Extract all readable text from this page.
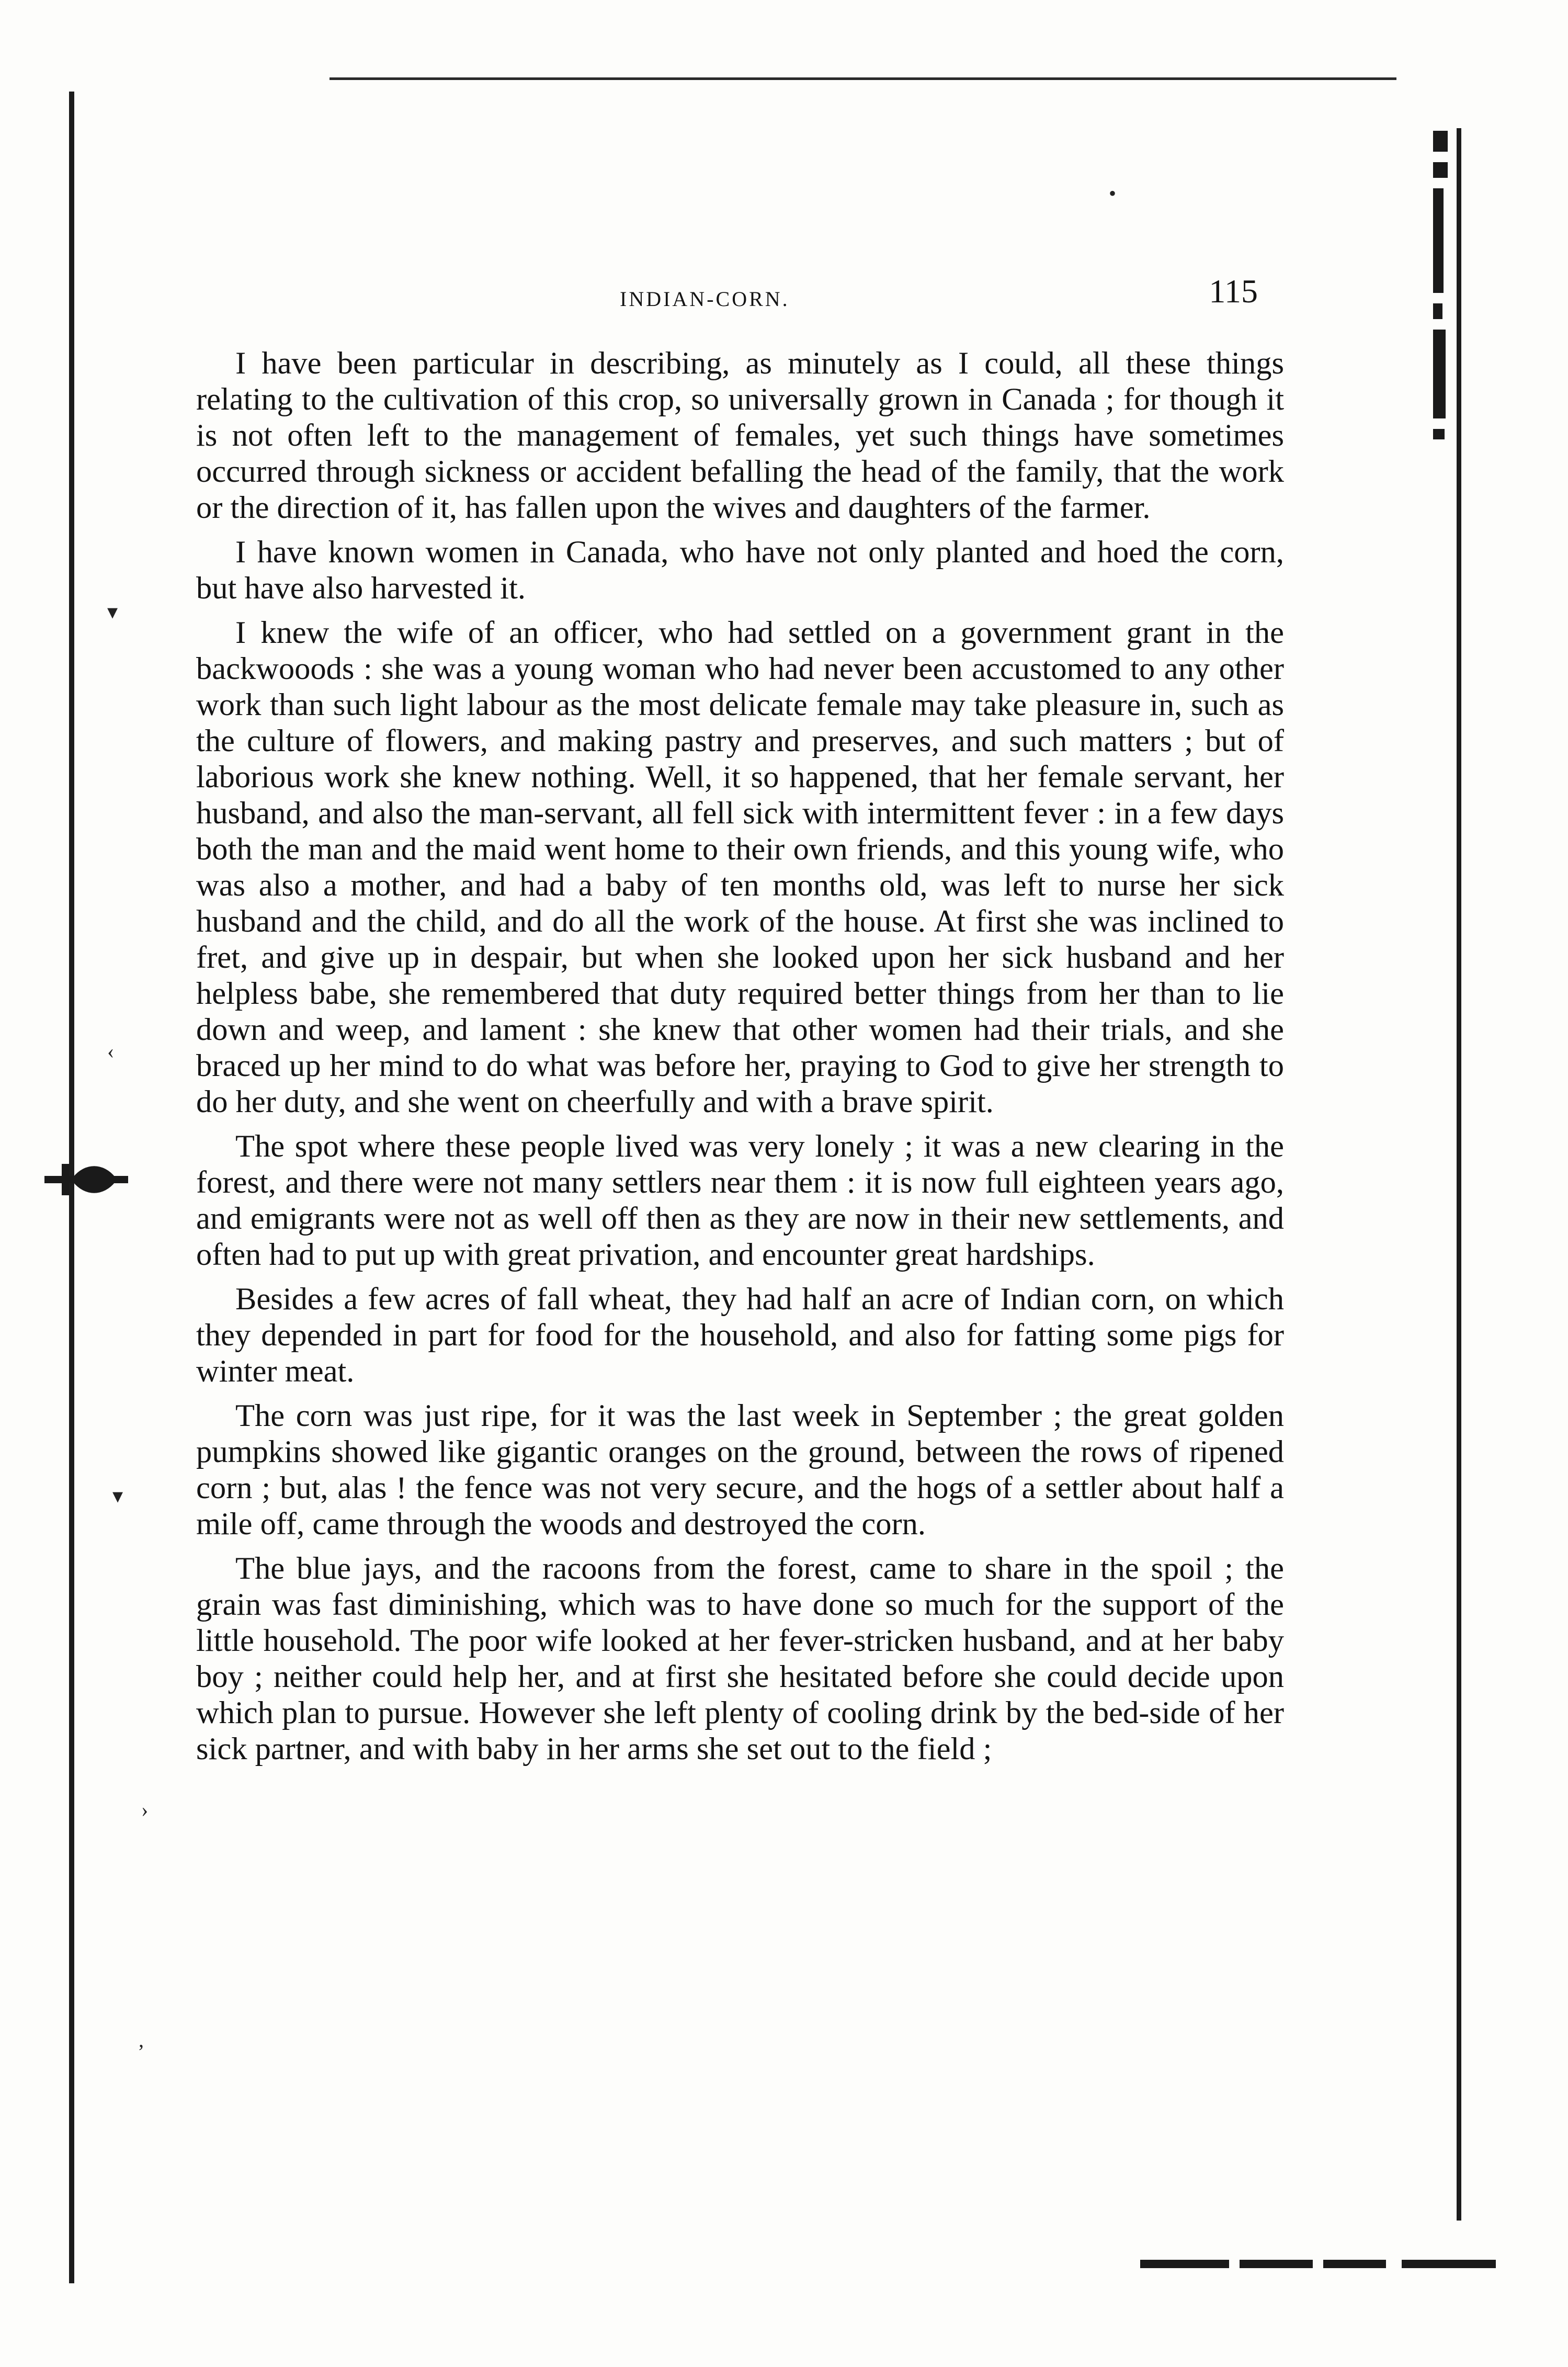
▾
‹
▾
›
,
•
INDIAN-CORN.	115

I have been particular in describing, as minutely as I could, all these things relating to the cultivation of this crop, so universally grown in Canada ; for though it is not often left to the management of females, yet such things have sometimes occurred through sickness or accident befalling the head of the family, that the work or the direction of it, has fallen upon the wives and daughters of the farmer.

I have known women in Canada, who have not only planted and hoed the corn, but have also harvested it.

I knew the wife of an officer, who had settled on a government grant in the backwooods : she was a young woman who had never been accustomed to any other work than such light labour as the most delicate female may take pleasure in, such as the culture of flowers, and making pastry and preserves, and such matters ; but of laborious work she knew nothing. Well, it so happened, that her female servant, her husband, and also the man-servant, all fell sick with intermittent fever : in a few days both the man and the maid went home to their own friends, and this young wife, who was also a mother, and had a baby of ten months old, was left to nurse her sick husband and the child, and do all the work of the house. At first she was inclined to fret, and give up in despair, but when she looked upon her sick husband and her helpless babe, she remembered that duty required better things from her than to lie down and weep, and lament : she knew that other women had their trials, and she braced up her mind to do what was before her, praying to God to give her strength to do her duty, and she went on cheerfully and with a brave spirit.

The spot where these people lived was very lonely ; it was a new clearing in the forest, and there were not many settlers near them : it is now full eighteen years ago, and emigrants were not as well off then as they are now in their new settlements, and often had to put up with great privation, and encounter great hardships.

Besides a few acres of fall wheat, they had half an acre of Indian corn, on which they depended in part for food for the household, and also for fatting some pigs for winter meat.

The corn was just ripe, for it was the last week in September ; the great golden pumpkins showed like gigantic oranges on the ground, between the rows of ripened corn ; but, alas ! the fence was not very secure, and the hogs of a settler about half a mile off, came through the woods and destroyed the corn.

The blue jays, and the racoons from the forest, came to share in the spoil ; the grain was fast diminishing, which was to have done so much for the support of the little household. The poor wife looked at her fever-stricken husband, and at her baby boy ; neither could help her, and at first she hesitated before she could decide upon which plan to pursue. However she left plenty of cooling drink by the bed-side of her sick partner, and with baby in her arms she set out to the field ;
